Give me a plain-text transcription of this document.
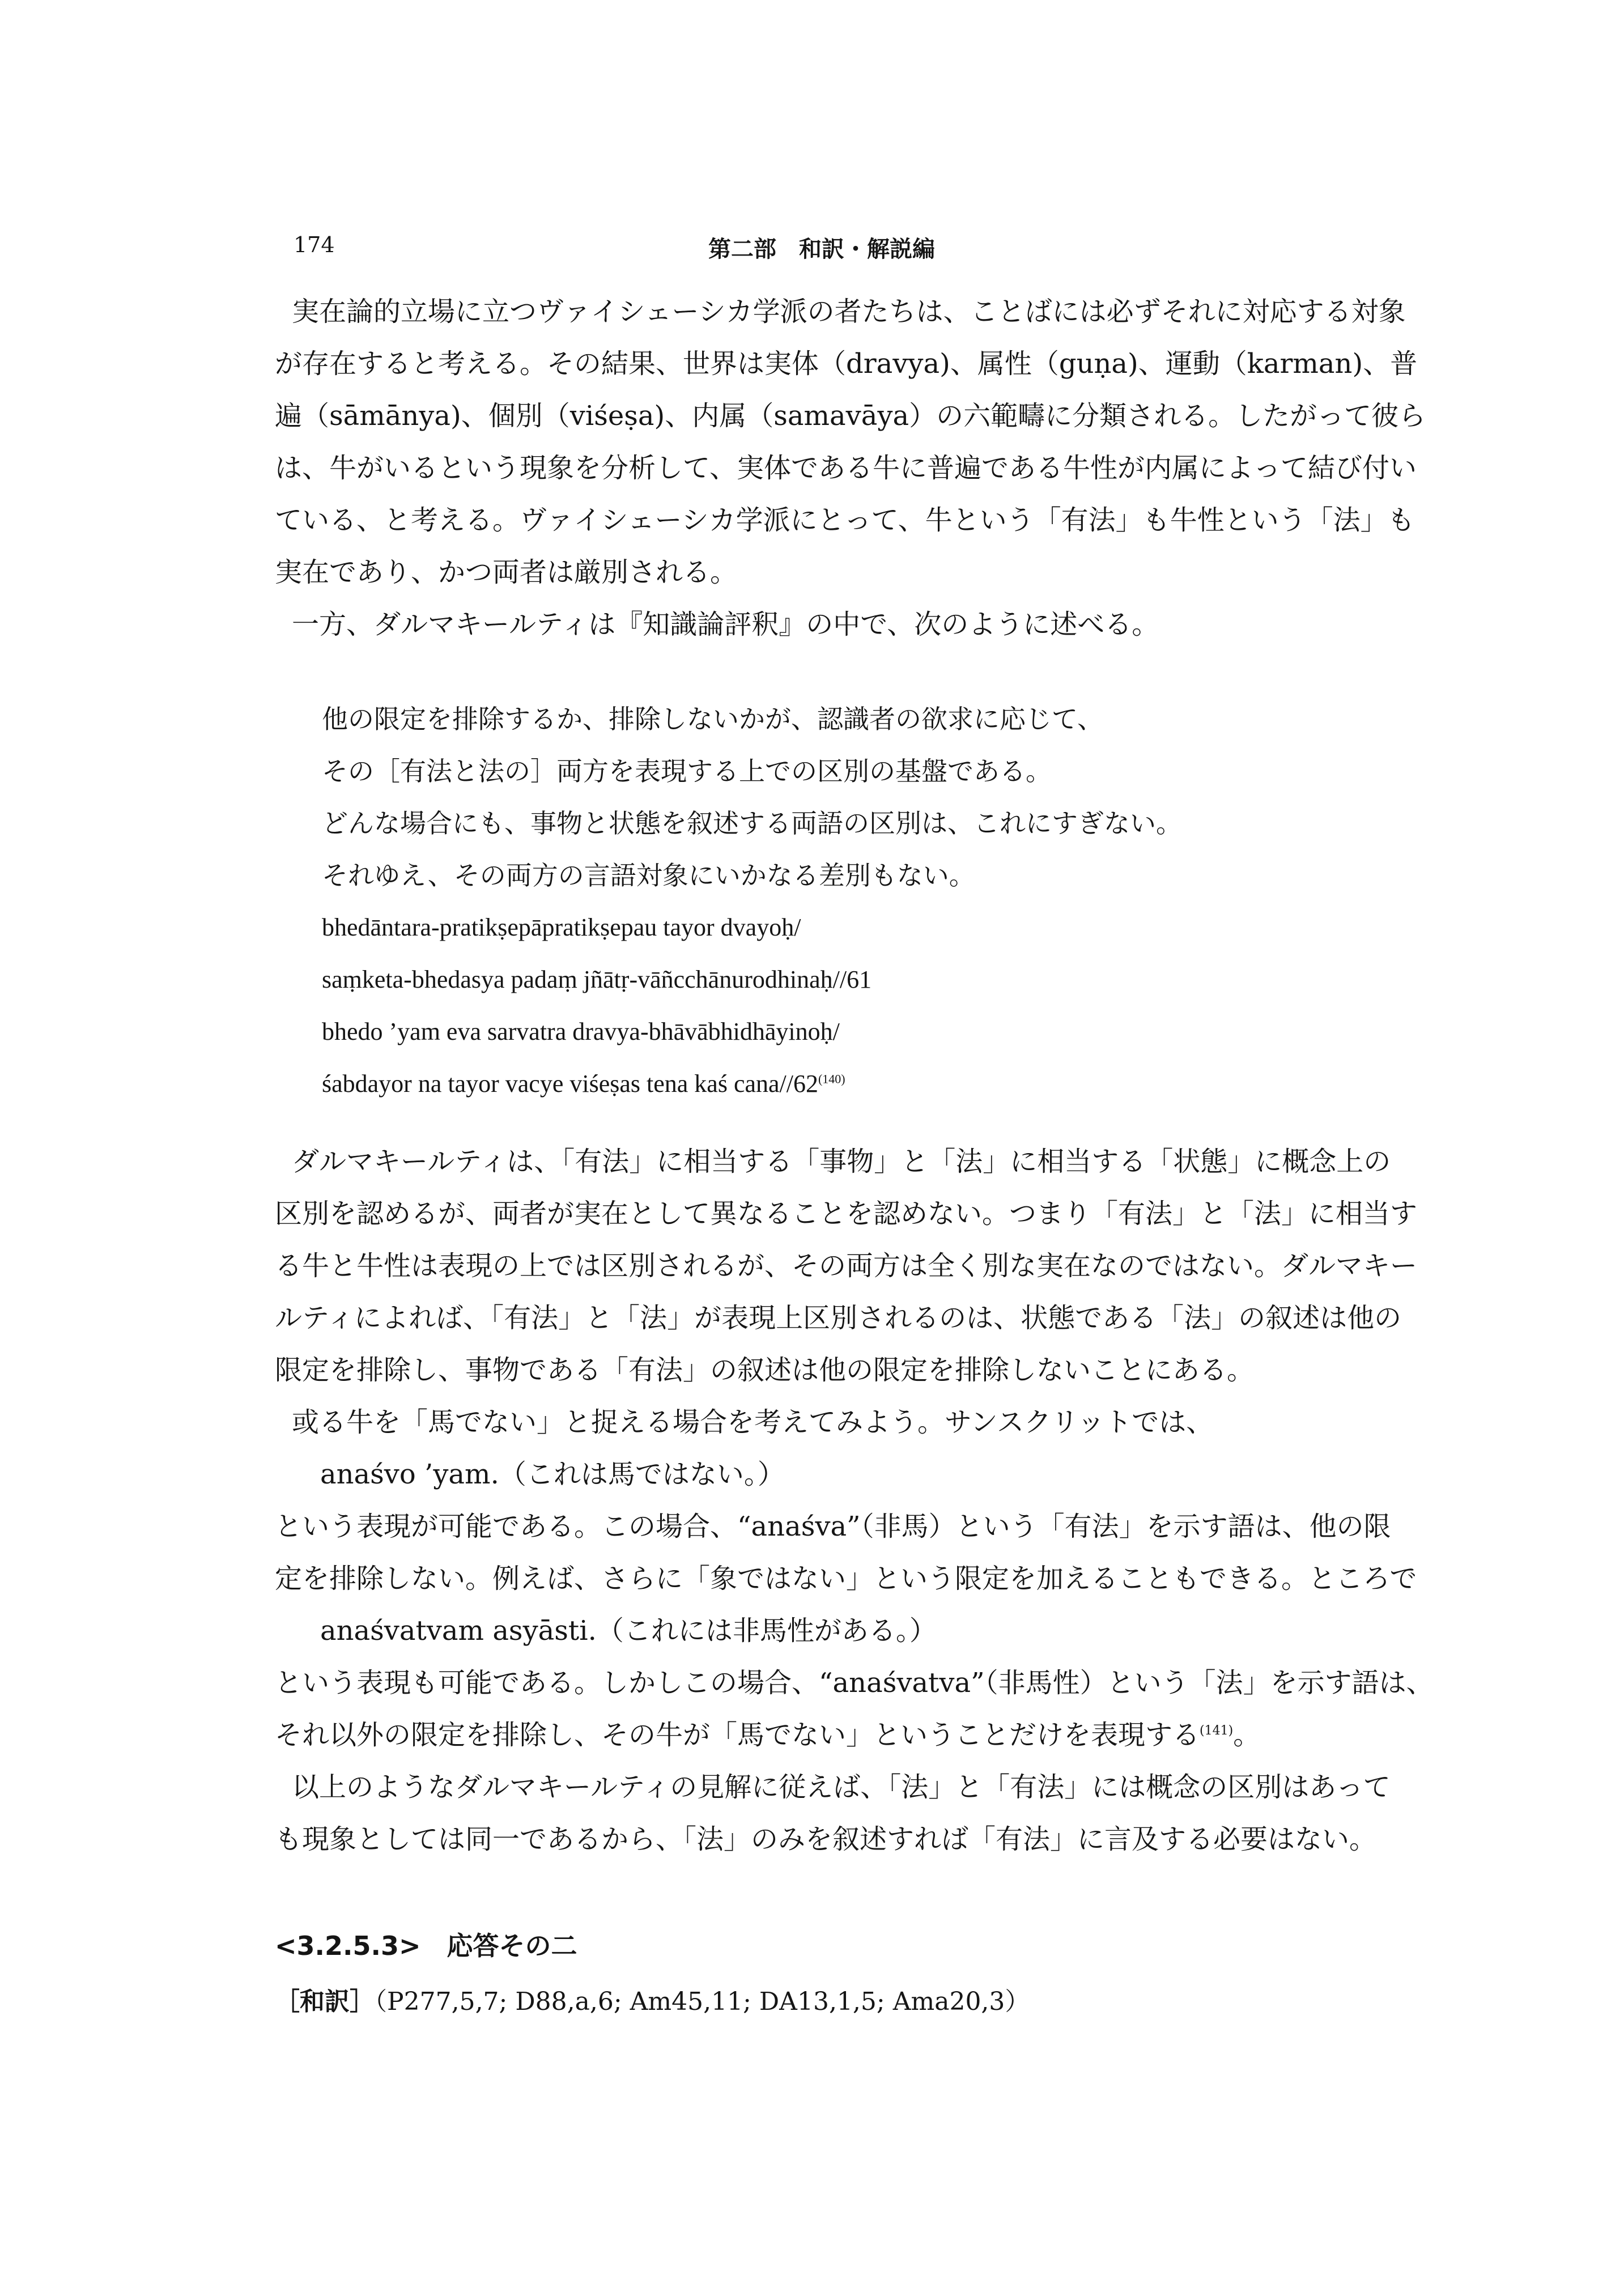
174	第二部　和訳・解説編
実在論的立場に立つヴァイシェーシカ学派の者たちは、ことばには必ずそれに対応する対象
が存在すると考える。その結果、世界は実体（dravya)、属性（guṇa)、運動（karman)、普
遍（sāmānya)、個別（viśeṣa)、内属（samavāya）の六範疇に分類される。したがって彼ら
は、牛がいるという現象を分析して、実体である牛に普遍である牛性が内属によって結び付い
ている、と考える。ヴァイシェーシカ学派にとって、牛という「有法」も牛性という「法」も
実在であり、かつ両者は厳別される。
一方、ダルマキールティは『知識論評釈』の中で、次のように述べる。
他の限定を排除するか、排除しないかが、認識者の欲求に応じて、
その［有法と法の］両方を表現する上での区別の基盤である。
どんな場合にも、事物と状態を叙述する両語の区別は、これにすぎない。
それゆえ、その両方の言語対象にいかなる差別もない。
bhedāntara-pratikṣepāpratikṣepau tayor dvayoḥ/
saṃketa-bhedasya padaṃ jñātṛ-vāñcchānurodhinaḥ//61
bhedo ’yam eva sarvatra dravya-bhāvābhidhāyinoḥ/
śabdayor na tayor vacye viśeṣas tena kaś cana//62$^{(140)}$
ダルマキールティは、「有法」に相当する「事物」と「法」に相当する「状態」に概念上の
区別を認めるが、両者が実在として異なることを認めない。つまり「有法」と「法」に相当す
る牛と牛性は表現の上では区別されるが、その両方は全く別な実在なのではない。ダルマキー
ルティによれば、「有法」と「法」が表現上区別されるのは、状態である「法」の叙述は他の
限定を排除し、事物である「有法」の叙述は他の限定を排除しないことにある。
或る牛を「馬でない」と捉える場合を考えてみよう。サンスクリットでは、
anaśvo ’yam.（これは馬ではない。）
という表現が可能である。この場合、“anaśva”（非馬）という「有法」を示す語は、他の限
定を排除しない。例えば、さらに「象ではない」という限定を加えることもできる。ところで
anaśvatvam asyāsti.（これには非馬性がある。）
という表現も可能である。しかしこの場合、“anaśvatva”（非馬性）という「法」を示す語は、
それ以外の限定を排除し、その牛が「馬でない」ということだけを表現する$^{(141)}$。
以上のようなダルマキールティの見解に従えば、「法」と「有法」には概念の区別はあって
も現象としては同一であるから、「法」のみを叙述すれば「有法」に言及する必要はない。
<3.2.5.3>　応答その二
［和訳］（P277,5,7; D88,a,6; Am45,11; DA13,1,5; Ama20,3）
